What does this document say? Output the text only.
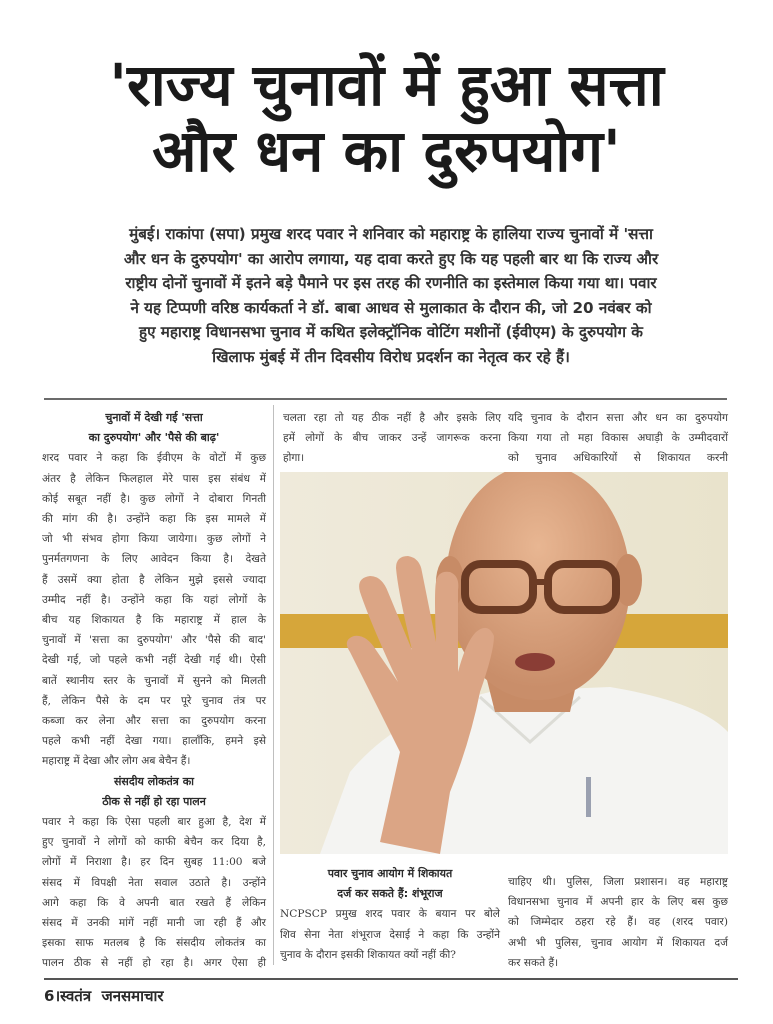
'राज्य चुनावों में हुआ सत्ता
और धन का दुरुपयोग'
मुंबई। राकांपा (सपा) प्रमुख शरद पवार ने शनिवार को महाराष्ट्र के हालिया राज्य चुनावों में 'सत्ता
और धन के दुरुपयोग' का आरोप लगाया, यह दावा करते हुए कि यह पहली बार था कि राज्य और
राष्ट्रीय दोनों चुनावों में इतने बड़े पैमाने पर इस तरह की रणनीति का इस्तेमाल किया गया था। पवार
ने यह टिप्पणी वरिष्ठ कार्यकर्ता ने डॉ. बाबा आधव से मुलाकात के दौरान की, जो 20 नवंबर को
हुए महाराष्ट्र विधानसभा चुनाव में कथित इलेक्ट्रॉनिक वोटिंग मशीनों (ईवीएम) के दुरुपयोग के
खिलाफ मुंबई में तीन दिवसीय विरोध प्रदर्शन का नेतृत्व कर रहे हैं।
चुनावों में देखी गई 'सत्ता
का दुरुपयोग' और 'पैसे की बाढ़'
शरद पवार ने कहा कि ईवीएम के वोटों में कुछ
अंतर है लेकिन फिलहाल मेरे पास इस संबंध में
कोई सबूत नहीं है। कुछ लोगों ने दोबारा गिनती
की मांग की है। उन्होंने कहा कि इस मामले में
जो भी संभव होगा किया जायेगा। कुछ लोगों ने
पुनर्मतगणना के लिए आवेदन किया है। देखते
हैं उसमें क्या होता है लेकिन मुझे इससे ज्यादा
उम्मीद नहीं है। उन्होंने कहा कि यहां लोगों के
बीच यह शिकायत है कि महाराष्ट्र में हाल के
चुनावों में 'सत्ता का दुरुपयोग' और 'पैसे की बाद'
देखी गई, जो पहले कभी नहीं देखी गई थी। ऐसी
बातें स्थानीय स्तर के चुनावों में सुनने को मिलती
हैं, लेकिन पैसे के दम पर पूरे चुनाव तंत्र पर
कब्जा कर लेना और सत्ता का दुरुपयोग करना
पहले कभी नहीं देखा गया। हालाँकि, हमने इसे
महाराष्ट्र में देखा और लोग अब बेचैन हैं।
संसदीय लोकतंत्र का
ठीक से नहीं हो रहा पालन
पवार ने कहा कि ऐसा पहली बार हुआ है, देश में
हुए चुनावों ने लोगों को काफी बेचैन कर दिया है,
लोगों में निराशा है। हर दिन सुबह 11:00 बजे
संसद में विपक्षी नेता सवाल उठाते है। उन्होंने
आगे कहा कि वे अपनी बात रखते हैं लेकिन
संसद में उनकी मांगें नहीं मानी जा रही हैं और
इसका साफ मतलब है कि संसदीय लोकतंत्र का
पालन ठीक से नहीं हो रहा है। अगर ऐसा ही
चलता रहा तो यह ठीक नहीं है और इसके लिए
हमें लोगों के बीच जाकर उन्हें जागरूक करना
होगा।
यदि चुनाव के दौरान सत्ता और धन का दुरुपयोग
किया गया तो महा विकास अघाड़ी के उम्मीदवारों
को चुनाव अधिकारियों से शिकायत करनी
पवार चुनाव आयोग में शिकायत
दर्ज कर सकते हैं: शंभूराज
NCPSCP प्रमुख शरद पवार के बयान पर बोले
शिव सेना नेता शंभूराज देसाई ने कहा कि उन्होंने
चुनाव के दौरान इसकी शिकायत क्यों नहीं की?
चाहिए थी। पुलिस, जिला प्रशासन। वह महाराष्ट्र
विधानसभा चुनाव में अपनी हार के लिए बस कुछ
को जिम्मेदार ठहरा रहे हैं। वह (शरद पवार)
अभी भी पुलिस, चुनाव आयोग में शिकायत दर्ज
कर सकते हैं।
6।स्वतंत्र  जनसमाचार
